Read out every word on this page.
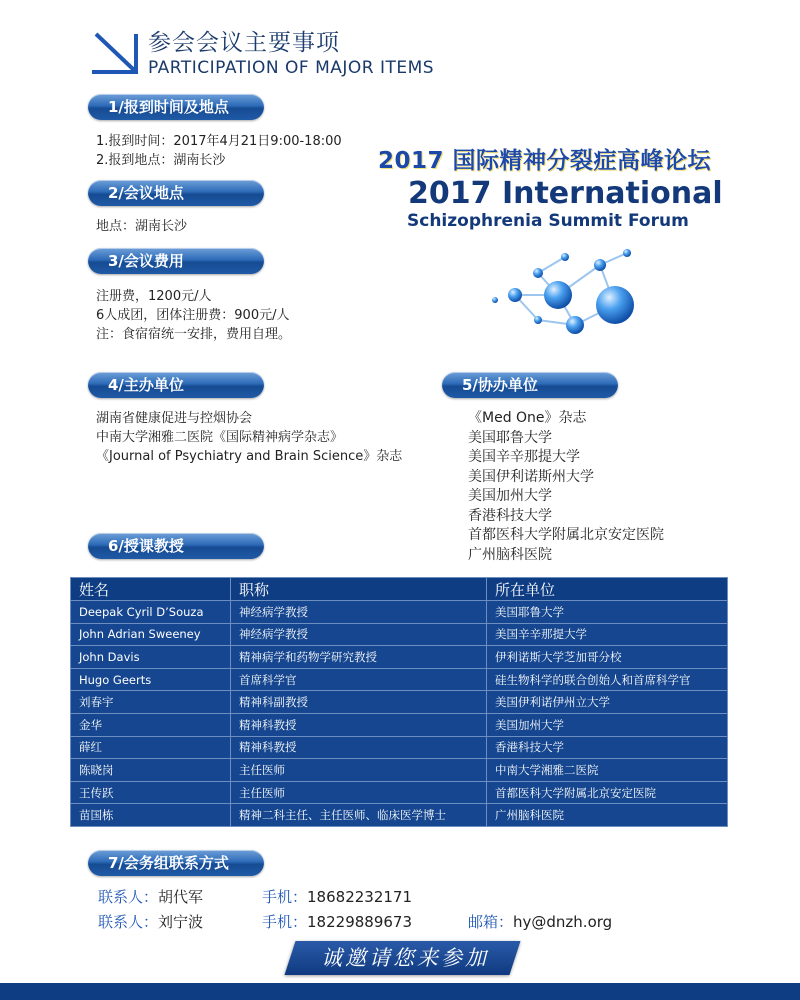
参会会议主要事项
PARTICIPATION OF MAJOR ITEMS
2017 国际精神分裂症高峰论坛
2017 International
Schizophrenia Summit Forum
1/报到时间及地点
1.报到时间：2017年4月21日9:00-18:00
2.报到地点：湖南长沙
2/会议地点
地点：湖南长沙
3/会议费用
注册费，1200元/人
6人成团，团体注册费：900元/人
注：食宿宿统一安排，费用自理。
4/主办单位
湖南省健康促进与控烟协会
中南大学湘雅二医院《国际精神病学杂志》
《Journal of Psychiatry and Brain Science》杂志
5/协办单位
《Med One》杂志
美国耶鲁大学
美国辛辛那提大学
美国伊利诺斯州大学
美国加州大学
香港科技大学
首都医科大学附属北京安定医院
广州脑科医院
6/授课教授
姓名	职称	所在单位
Deepak Cyril D’Souza	神经病学教授	美国耶鲁大学
John Adrian Sweeney	神经病学教授	美国辛辛那提大学
John Davis	精神病学和药物学研究教授	伊利诺斯大学芝加哥分校
Hugo Geerts	首席科学官	硅生物科学的联合创始人和首席科学官
刘春宇	精神科副教授	美国伊利诺伊州立大学
金华	精神科教授	美国加州大学
薛红	精神科教授	香港科技大学
陈晓岗	主任医师	中南大学湘雅二医院
王传跃	主任医师	首都医科大学附属北京安定医院
苗国栋	精神二科主任、主任医师、临床医学博士	广州脑科医院
7/会务组联系方式
联系人：胡代军	手机：18682232171
联系人：刘宁波	手机：18229889673	邮箱：hy@dnzh.org
诚邀请您来参加
